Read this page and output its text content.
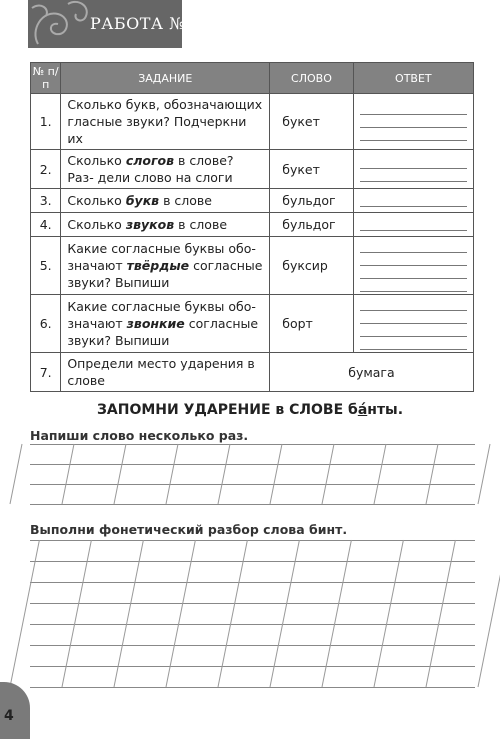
РАБОТА №2
№ п/п	ЗАДАНИЕ	СЛОВО	ОТВЕТ
1.	Сколько букв, обозначающих гласные звуки? Подчеркни их	букет	

2.	Сколько слогов в слове? Раз- дели слово на слоги	букет	

3.	Сколько букв в слове	бульдог	

4.	Сколько звуков в слове	бульдог	

5.	Какие согласные буквы обо- значают твёрдые согласные звуки? Выпиши	буксир	

6.	Какие согласные буквы обо- значают звонкие согласные звуки? Выпиши	борт	

7.	Определи место ударения в слове	бумага	
ЗАПОМНИ УДАРЕНИЕ в СЛОВЕ ба́нты.
Напиши слово несколько раз.
Выполни фонетический разбор слова бинт.
4
